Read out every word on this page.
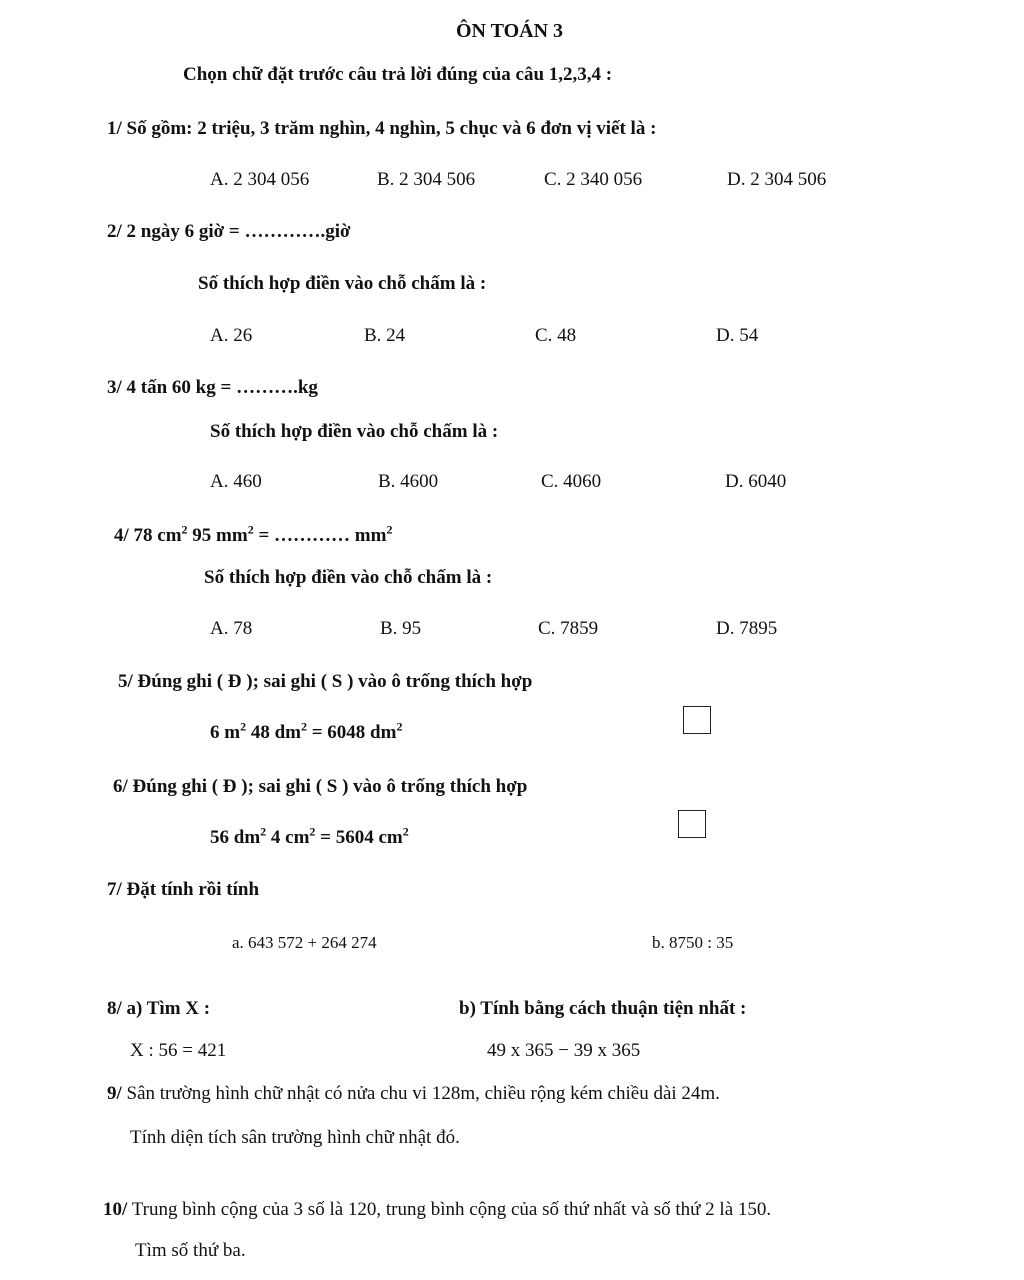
ÔN TOÁN 3
Chọn chữ đặt trước câu trả lời đúng của câu 1,2,3,4 :
1/ Số gồm: 2 triệu, 3 trăm nghìn, 4 nghìn, 5 chục và 6 đơn vị viết là :
A. 2 304 056	B. 2 304 506	C. 2 340 056	D. 2 304 506
2/ 2 ngày 6 giờ = ………….giờ
Số thích hợp điền vào chỗ chấm là :
A. 26	B. 24	C. 48	D. 54
3/ 4 tấn 60 kg = ……….kg
Số thích hợp điền vào chỗ chấm là :
A. 460	B. 4600	C. 4060	D. 6040
4/ 78 $cm^2$ 95 $mm^2$ = ………… $mm^2$
Số thích hợp điền vào chỗ chấm là :
A. 78	B. 95	C. 7859	D. 7895
5/ Đúng ghi ( Đ ); sai ghi ( S ) vào ô trống thích hợp
6 $m^2$ 48 $dm^2 = 6048$ $dm^2$
6/ Đúng ghi ( Đ ); sai ghi ( S ) vào ô trống thích hợp
56 $dm^2$ 4 $cm^2 = 5604$ $cm^2$
7/ Đặt tính rồi tính
a. 643 572 + 264 274	b. 8750 : 35
8/ a) Tìm X :
X : 56 = 421
b) Tính bằng cách thuận tiện nhất :
49 x 365 − 39 x 365
9/ Sân trường hình chữ nhật có nửa chu vi 128m, chiều rộng kém chiều dài 24m.
Tính diện tích sân trường hình chữ nhật đó.
10/ Trung bình cộng của 3 số là 120, trung bình cộng của số thứ nhất và số thứ 2 là 150.
Tìm số thứ ba.
